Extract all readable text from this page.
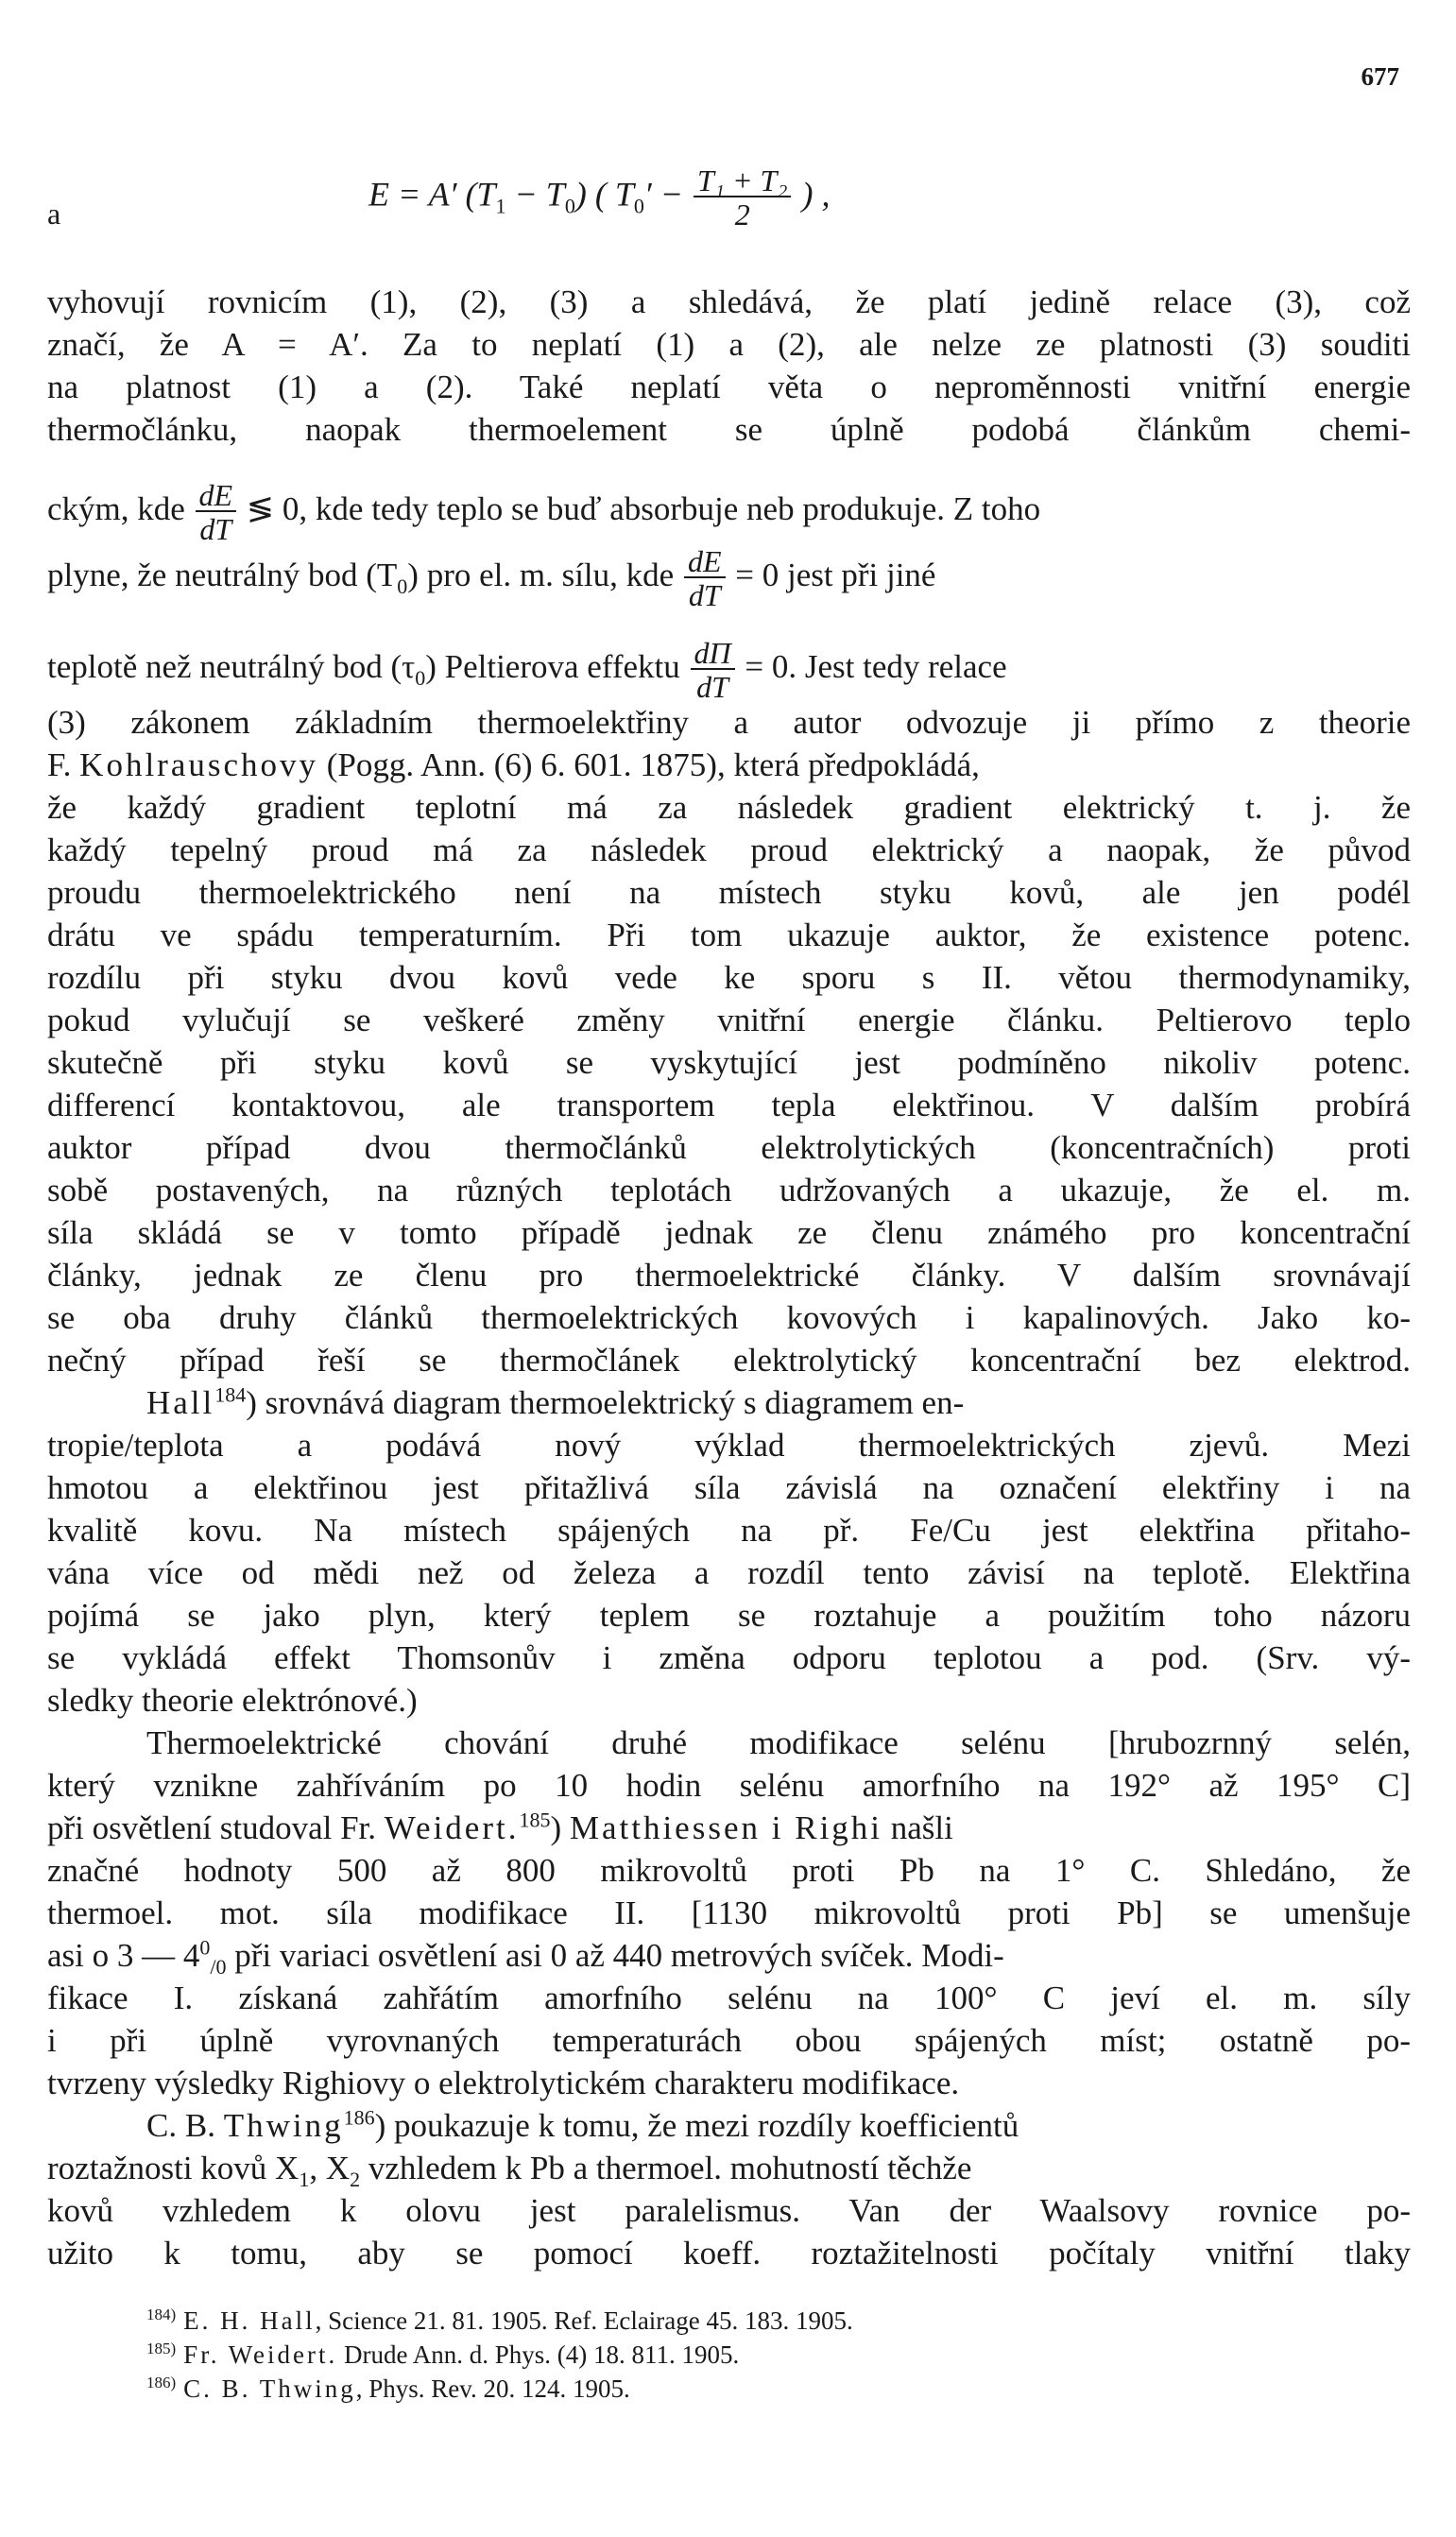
677
a
E = A′ $(T_1 - T_0)$ ( $T_0' - \frac{\text{T₁ + T₂}}{2}$ ) ,
vyhovují rovnicím (1), (2), (3) a shledává, že platí jedině relace (3), což
značí, že A = A′. Za to neplatí (1) a (2), ale nelze ze platnosti (3) souditi
na platnost (1) a (2). Také neplatí věta o neproměnnosti vnitřní energie
thermočlánku, naopak thermoelement se úplně podobá článkům chemi-
ckým, kde $\frac{dE}{dT}$ ≶ 0, kde tedy teplo se buď absorbuje neb produkuje. Z toho
plyne, že neutrálný bod $(T_0)$ pro el. m. sílu, kde $\frac{dE}{dT} = 0$ jest při jiné
teplotě než neutrálný bod $(\tau_0)$ Peltierova effektu $\frac{d\Pi}{dT} = 0$. Jest tedy relace
(3) zákonem základním thermoelektřiny a autor odvozuje ji přímo z theorie
F. Kohlrauschovy (Pogg. Ann. (6) 6. 601. 1875), která předpokládá,
že každý gradient teplotní má za následek gradient elektrický t. j. že
každý tepelný proud má za následek proud elektrický a naopak, že původ
proudu thermoelektrického není na místech styku kovů, ale jen podél
drátu ve spádu temperaturním. Při tom ukazuje auktor, že existence potenc.
rozdílu při styku dvou kovů vede ke sporu s II. větou thermodynamiky,
pokud vylučují se veškeré změny vnitřní energie článku. Peltierovo teplo
skutečně při styku kovů se vyskytující jest podmíněno nikoliv potenc.
differencí kontaktovou, ale transportem tepla elektřinou. V dalším probírá
auktor případ dvou thermočlánků elektrolytických (koncentračních) proti
sobě postavených, na různých teplotách udržovaných a ukazuje, že el. m.
síla skládá se v tomto případě jednak ze členu známého pro koncentrační
články, jednak ze členu pro thermoelektrické články. V dalším srovnávají
se oba druhy článků thermoelektrických kovových i kapalinových. Jako ko-
nečný případ řeší se thermočlánek elektrolytický koncentrační bez elektrod.
Hall$^{184}$) srovnává diagram thermoelektrický s diagramem en-
tropie/teplota a podává nový výklad thermoelektrických zjevů. Mezi
hmotou a elektřinou jest přitažlivá síla závislá na označení elektřiny i na
kvalitě kovu. Na místech spájených na př. Fe/Cu jest elektřina přitaho-
vána více od mědi než od železa a rozdíl tento závisí na teplotě. Elektřina
pojímá se jako plyn, který teplem se roztahuje a použitím toho názoru
se vykládá effekt Thomsonův i změna odporu teplotou a pod. (Srv. vý-
sledky theorie elektrónové.)
Thermoelektrické chování druhé modifikace selénu [hrubozrnný selén,
který vznikne zahříváním po 10 hodin selénu amorfního na 192° až 195° C]
při osvětlení studoval Fr. Weidert.$^{185}$) Matthiessen i Righi našli
značné hodnoty 500 až 800 mikrovoltů proti Pb na 1° C. Shledáno, že
thermoel. mot. síla modifikace II. [1130 mikrovoltů proti Pb] se umenšuje
asi o 3 — $4^0_{/0}$ při variaci osvětlení asi 0 až 440 metrových svíček. Modi-
fikace I. získaná zahřátím amorfního selénu na 100° C jeví el. m. síly
i při úplně vyrovnaných temperaturách obou spájených míst; ostatně po-
tvrzeny výsledky Righiovy o elektrolytickém charakteru modifikace.
C. B. Thwing$^{186}$) poukazuje k tomu, že mezi rozdíly koefficientů
roztažnosti kovů $X_1$, $X_2$ vzhledem k Pb a thermoel. mohutností těchže
kovů vzhledem k olovu jest paralelismus. Van der Waalsovy rovnice po-
užito k tomu, aby se pomocí koeff. roztažitelnosti počítaly vnitřní tlaky
$^{184)}$ E. H. Hall, Science 21. 81. 1905. Ref. Eclairage 45. 183. 1905.
$^{185)}$ Fr. Weidert. Drude Ann. d. Phys. (4) 18. 811. 1905.
$^{186)}$ C. B. Thwing, Phys. Rev. 20. 124. 1905.
